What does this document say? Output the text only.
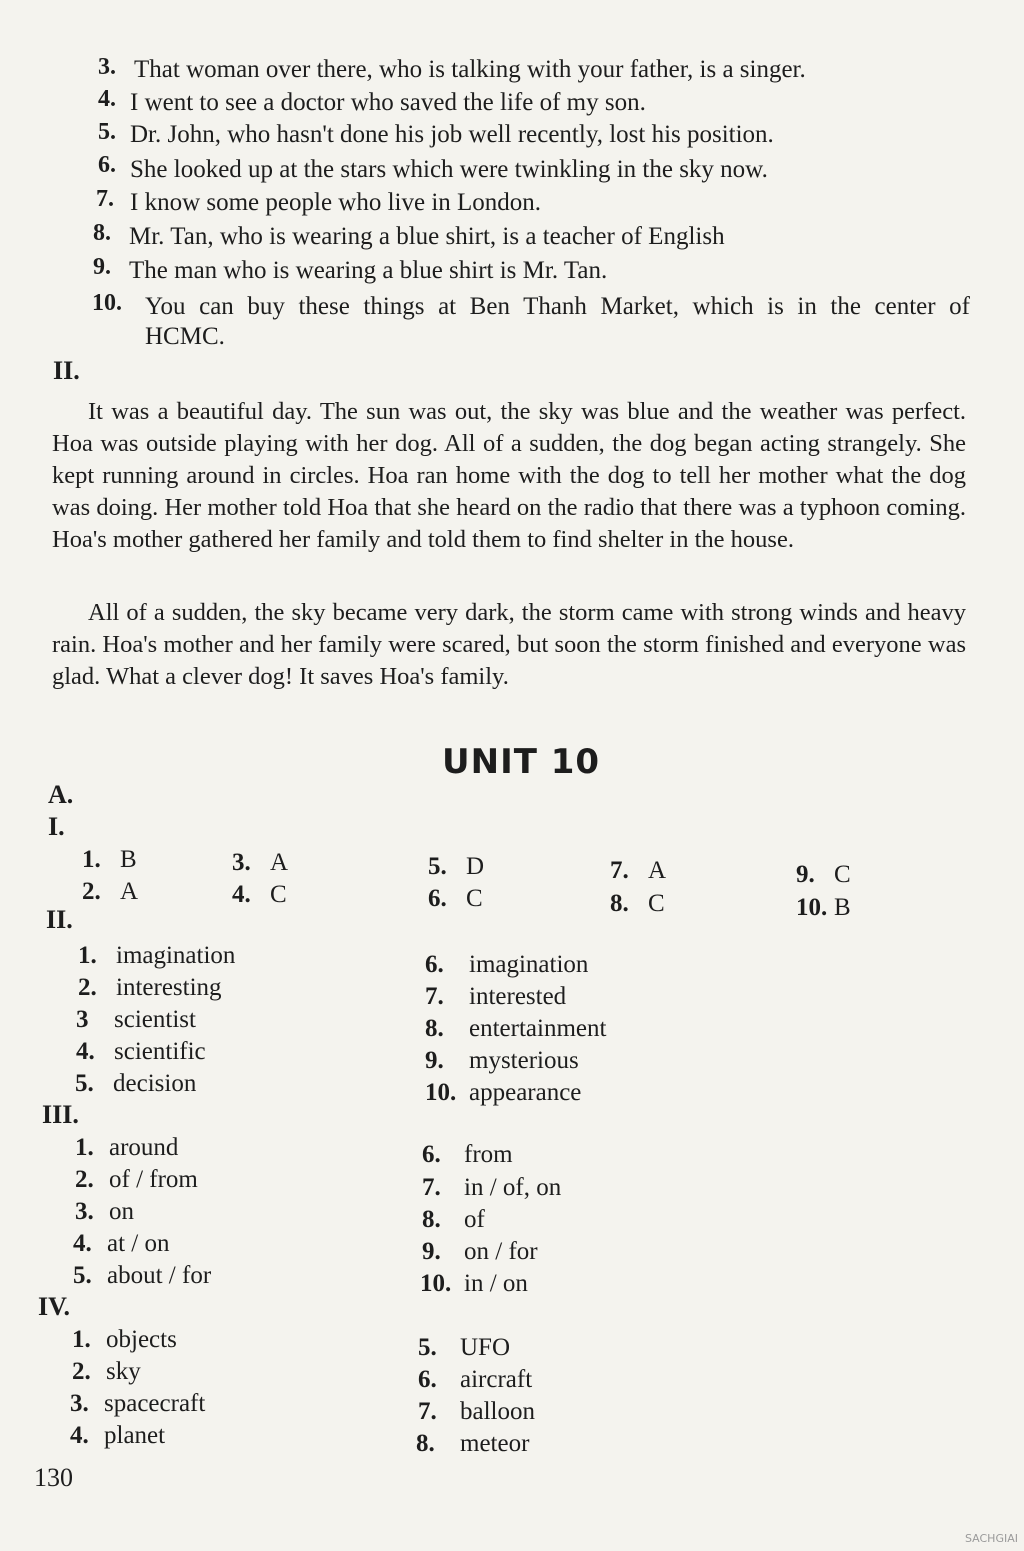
3. That woman over there, who is talking with your father, is a singer.
4. I went to see a doctor who saved the life of my son.
5. Dr. John, who hasn't done his job well recently, lost his position.
6. She looked up at the stars which were twinkling in the sky now.
7. I know some people who live in London.
8. Mr. Tan, who is wearing a blue shirt, is a teacher of English
9. The man who is wearing a blue shirt is Mr. Tan.
10. You can buy these things at Ben Thanh Market, which is in the center of
HCMC.
II.
It was a beautiful day. The sun was out, the sky was blue and the weather was perfect. Hoa was outside playing with her dog. All of a sudden, the dog began acting strangely. She kept running around in circles. Hoa ran home with the dog to tell her mother what the dog was doing. Her mother told Hoa that she heard on the radio that there was a typhoon coming. Hoa's mother gathered her family and told them to find shelter in the house.
All of a sudden, the sky became very dark, the storm came with strong winds and heavy rain. Hoa's mother and her family were scared, but soon the storm finished and everyone was glad. What a clever dog! It saves Hoa's family.
UNIT 10
A.
I.
1. B
2. A
3. A
4. C
5. D
6. C
7. A
8. C
9. C
10. B
II.
1. imagination
2. interesting
3 scientist
4. scientific
5. decision
6. imagination
7. interested
8. entertainment
9. mysterious
10. appearance
III.
1. around
2. of / from
3. on
4. at / on
5. about / for
6. from
7. in / of, on
8. of
9. on / for
10. in / on
IV.
1. objects
2. sky
3. spacecraft
4. planet
5. UFO
6. aircraft
7. balloon
8. meteor
130
SACHGIAI
